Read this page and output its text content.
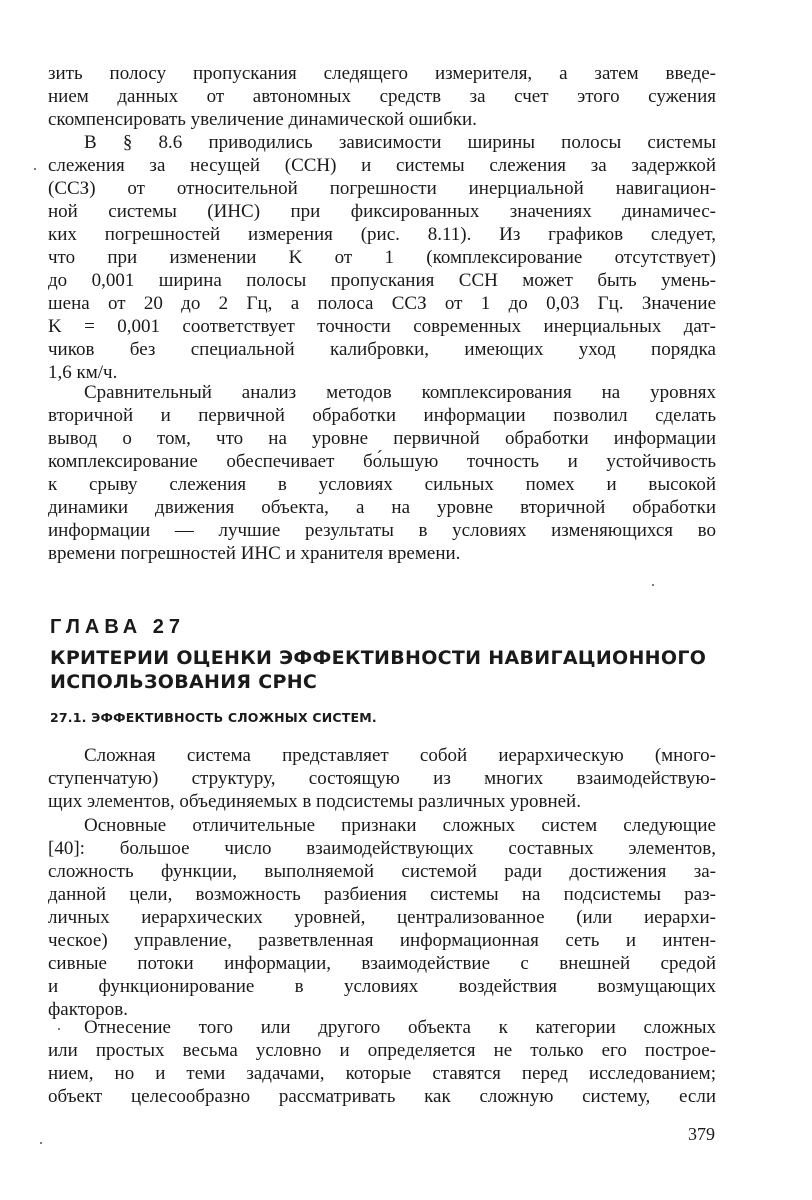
зить полосу пропускания следящего измерителя, а затем введе-
нием данных от автономных средств за счет этого сужения
скомпенсировать увеличение динамической ошибки.
В § 8.6 приводились зависимости ширины полосы системы
слежения за несущей (ССН) и системы слежения за задержкой
(ССЗ) от относительной погрешности инерциальной навигацион-
ной системы (ИНС) при фиксированных значениях динамичес-
ких погрешностей измерения (рис. 8.11). Из графиков следует,
что при изменении K от 1 (комплексирование отсутствует)
до 0,001 ширина полосы пропускания ССН может быть умень-
шена от 20 до 2 Гц, а полоса ССЗ от 1 до 0,03 Гц. Значение
K = 0,001 соответствует точности современных инерциальных дат-
чиков без специальной калибровки, имеющих уход порядка
1,6 км/ч.
Сравнительный анализ методов комплексирования на уровнях
вторичной и первичной обработки информации позволил сделать
вывод о том, что на уровне первичной обработки информации
комплексирование обеспечивает бо́льшую точность и устойчивость
к срыву слежения в условиях сильных помех и высокой
динамики движения объекта, а на уровне вторичной обработки
информации — лучшие результаты в условиях изменяющихся во
времени погрешностей ИНС и хранителя времени.
ГЛАВА 27
КРИТЕРИИ ОЦЕНКИ ЭФФЕКТИВНОСТИ НАВИГАЦИОННОГО
ИСПОЛЬЗОВАНИЯ СРНС
27.1. ЭФФЕКТИВНОСТЬ СЛОЖНЫХ СИСТЕМ.
Сложная система представляет собой иерархическую (много-
ступенчатую) структуру, состоящую из многих взаимодействую-
щих элементов, объединяемых в подсистемы различных уровней.
Основные отличительные признаки сложных систем следующие
[40]: большое число взаимодействующих составных элементов,
сложность функции, выполняемой системой ради достижения за-
данной цели, возможность разбиения системы на подсистемы раз-
личных иерархических уровней, централизованное (или иерархи-
ческое) управление, разветвленная информационная сеть и интен-
сивные потоки информации, взаимодействие с внешней средой
и функционирование в условиях воздействия возмущающих
факторов.
Отнесение того или другого объекта к категории сложных
или простых весьма условно и определяется не только его построе-
нием, но и теми задачами, которые ставятся перед исследованием;
объект целесообразно рассматривать как сложную систему, если
379
